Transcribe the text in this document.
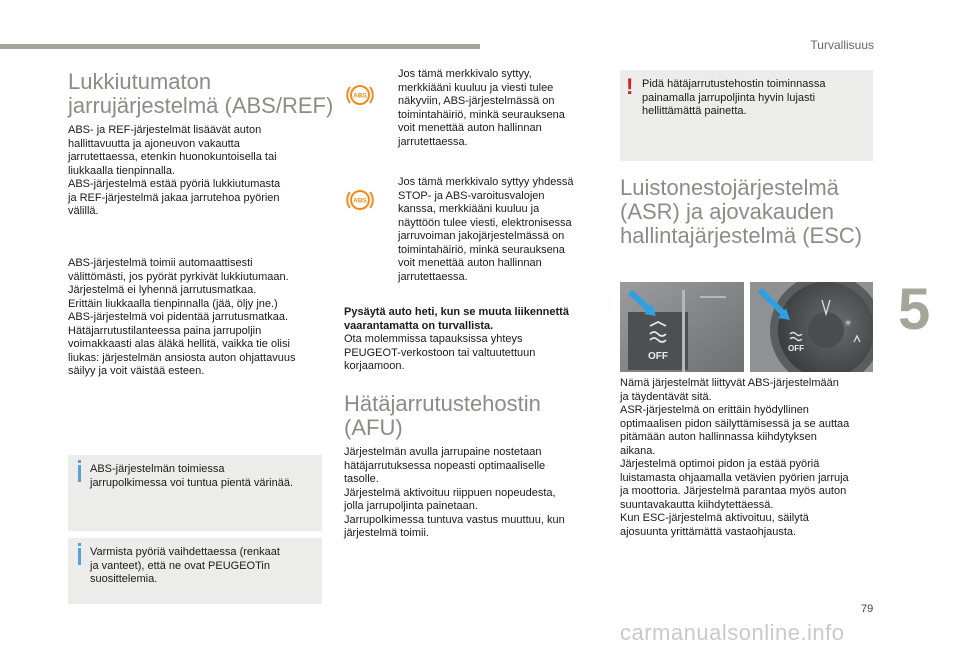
Turvallisuus
5
79
carmanualsonline.info
Lukkiutumaton
jarrujärjestelmä (ABS/REF)

ABS- ja REF-järjestelmät lisäävät auton

hallittavuutta ja ajoneuvon vakautta

jarrutettaessa, etenkin huonokuntoisella tai

liukkaalla tienpinnalla.

ABS-järjestelmä estää pyöriä lukkiutumasta

ja REF-järjestelmä jakaa jarrutehoa pyörien

välillä.

ABS-järjestelmä toimii automaattisesti

välittömästi, jos pyörät pyrkivät lukkiutumaan.

Järjestelmä ei lyhennä jarrutusmatkaa.

Erittäin liukkaalla tienpinnalla (jää, öljy jne.)

ABS-järjestelmä voi pidentää jarrutusmatkaa.

Hätäjarrutustilanteessa paina jarrupoljin

voimakkaasti alas äläkä hellitä, vaikka tie olisi

liukas: järjestelmän ansiosta auton ohjattavuus

säilyy ja voit väistää esteen.

ABS-järjestelmän toimiessa

jarrupolkimessa voi tuntua pientä värinää.

Varmista pyöriä vaihdettaessa (renkaat

ja vanteet), että ne ovat PEUGEOTin

suosittelemia.

ABS

Jos tämä merkkivalo syttyy,

merkkiääni kuuluu ja viesti tulee

näkyviin, ABS-järjestelmässä on

toimintahäiriö, minkä seurauksena

voit menettää auton hallinnan

jarrutettaessa.

ABS

Jos tämä merkkivalo syttyy yhdessä

STOP- ja ABS-varoitusvalojen

kanssa, merkkiääni kuuluu ja

näyttöön tulee viesti, elektronisessa

jarruvoiman jakojärjestelmässä on

toimintahäiriö, minkä seurauksena

voit menettää auton hallinnan

jarrutettaessa.

Pysäytä auto heti, kun se muuta liikennettä

vaarantamatta on turvallista.

Ota molemmissa tapauksissa yhteys

PEUGEOT-verkostoon tai valtuutettuun

korjaamoon.

Hätäjarrutustehostin
(AFU)

Järjestelmän avulla jarrupaine nostetaan

hätäjarrutuksessa nopeasti optimaaliselle

tasolle.

Järjestelmä aktivoituu riippuen nopeudesta,

jolla jarrupoljinta painetaan.

Jarrupolkimessa tuntuva vastus muuttuu, kun

järjestelmä toimii.

! Pidä hätäjarrutustehostin toiminnassa

painamalla jarrupoljinta hyvin lujasti

hellittämättä painetta.

Luistonestojärjestelmä
(ASR) ja ajovakauden
hallintajärjestelmä (ESC)
OFF
OFF
✳

Nämä järjestelmät liittyvät ABS-järjestelmään

ja täydentävät sitä.

ASR-järjestelmä on erittäin hyödyllinen

optimaalisen pidon säilyttämisessä ja se auttaa

pitämään auton hallinnassa kiihdytyksen

aikana.

Järjestelmä optimoi pidon ja estää pyöriä

luistamasta ohjaamalla vetävien pyörien jarruja

ja moottoria. Järjestelmä parantaa myös auton

suuntavakautta kiihdytettäessä.

Kun ESC-järjestelmä aktivoituu, säilytä

ajosuunta yrittämättä vastaohjausta.
